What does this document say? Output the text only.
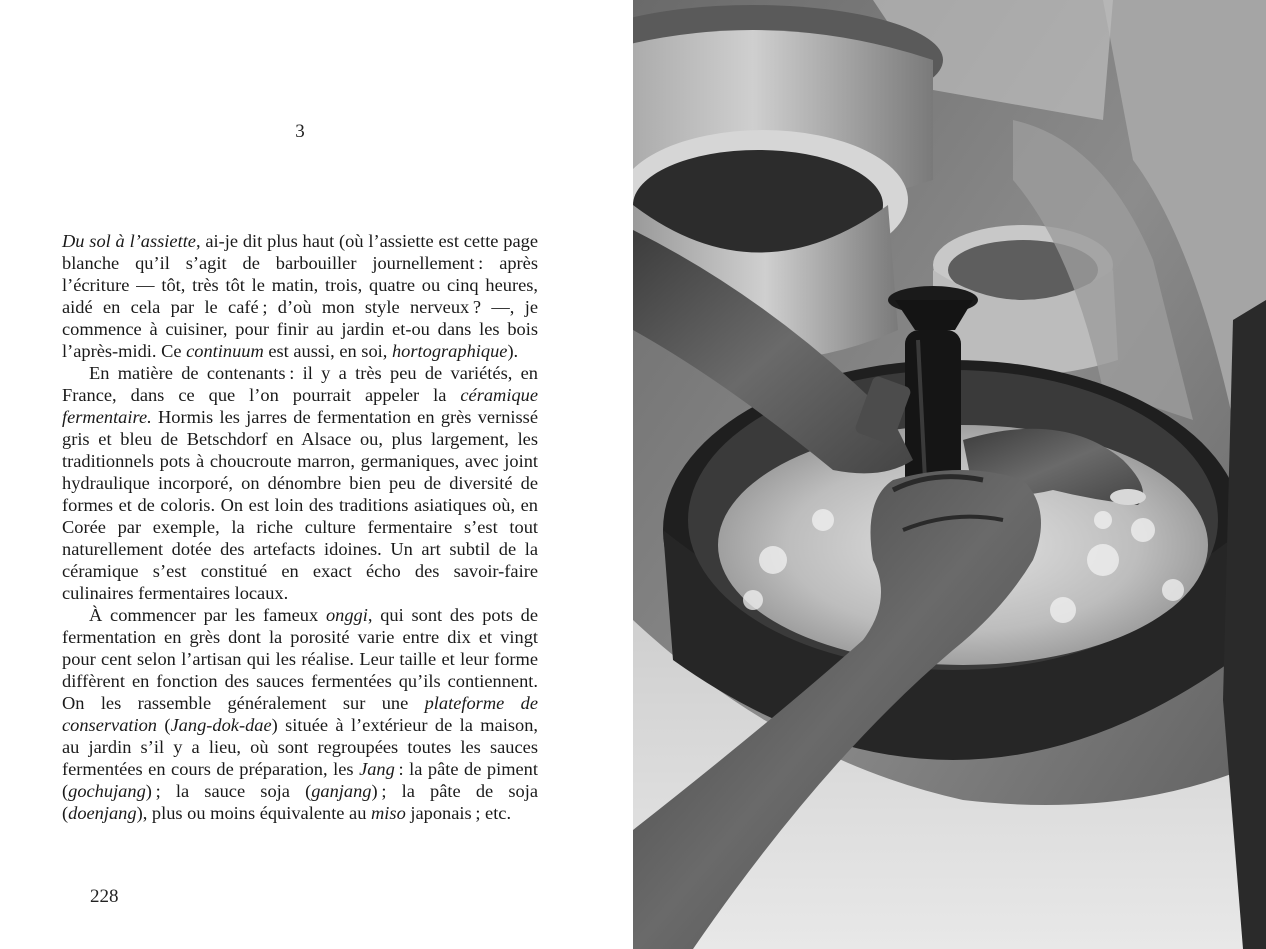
3

Du sol à l’assiette, ai-je dit plus haut (où l’assiette est cette page blanche qu’il s’agit de barbouiller journellement : après l’écriture — tôt, très tôt le matin, trois, quatre ou cinq heures, aidé en cela par le café ; d’où mon style nerveux ? —, je commence à cuisiner, pour finir au jardin et-ou dans les bois l’après-midi. Ce continuum est aussi, en soi, hortographique).

En matière de contenants : il y a très peu de variétés, en France, dans ce que l’on pourrait appeler la céramique fermentaire. Hormis les jarres de fermentation en grès vernissé gris et bleu de Betschdorf en Alsace ou, plus largement, les traditionnels pots à choucroute marron, germaniques, avec joint hydraulique incorporé, on dénombre bien peu de diversité de formes et de coloris. On est loin des traditions asiatiques où, en Corée par exemple, la riche culture fermentaire s’est tout naturellement dotée des artefacts idoines. Un art subtil de la céramique s’est constitué en exact écho des savoir-faire culinaires fermentaires locaux.

À commencer par les fameux onggi, qui sont des pots de fermentation en grès dont la porosité varie entre dix et vingt pour cent selon l’artisan qui les réalise. Leur taille et leur forme diffèrent en fonction des sauces fermentées qu’ils contiennent. On les rassemble généralement sur une plateforme de conservation (Jang-dok-dae) située à l’extérieur de la maison, au jardin s’il y a lieu, où sont regroupées toutes les sauces fermentées en cours de préparation, les Jang : la pâte de piment (gochujang) ; la sauce soja (ganjang) ; la pâte de soja (doenjang), plus ou moins équivalente au miso japonais ; etc.

228
